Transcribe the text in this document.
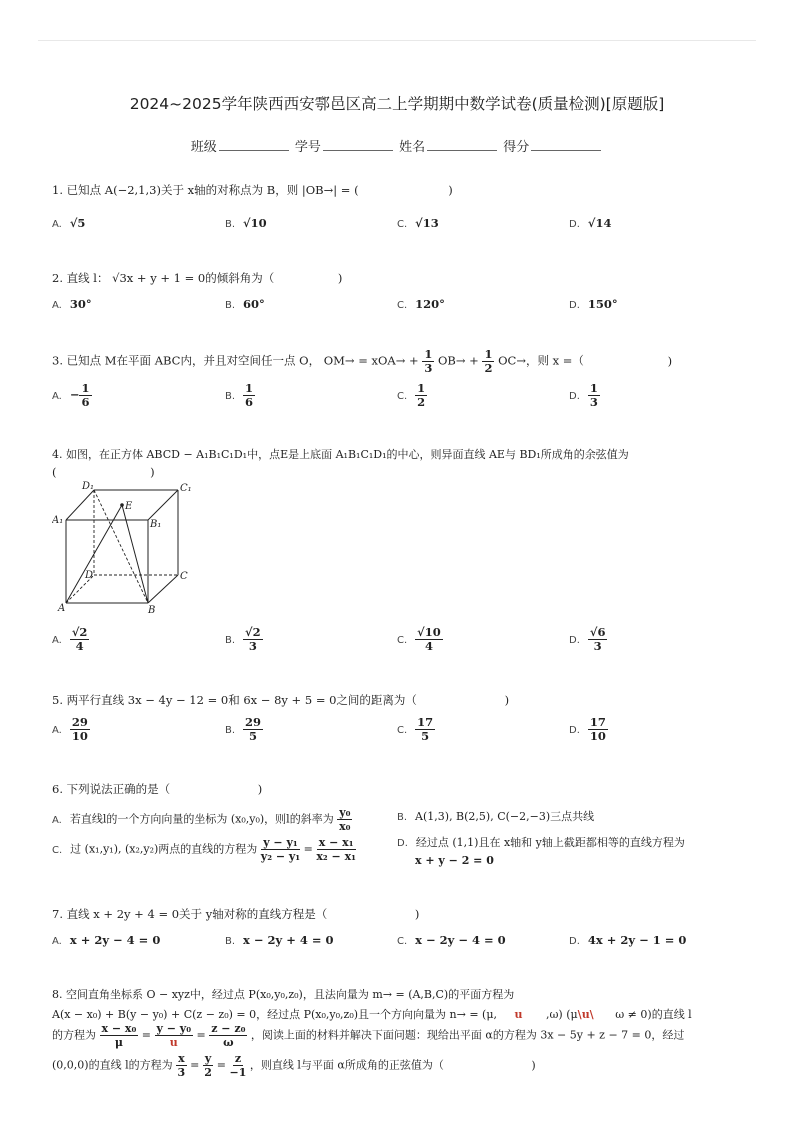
2024~2025学年陕西西安鄠邑区高二上学期期中数学试卷(质量检测)[原题版]
班级	学号	姓名	得分
1. 已知点 A(−2,1,3)关于 x轴的对称点为 B，则 |OB→| = (	)
A. √5	B. √10	C. √13	D. √14
2. 直线 l： √3x + y + 1 = 0的倾斜角为（	)
A. 30°	B. 60°	C. 120°	D. 150°
3. 已知点 M在平面 ABC内，并且对空间任一点 O， $OM\to = xOA\to + \frac{1}{3} OB\to + \frac{1}{2} OC\to$，则 x =（	)
A. − $\frac{1}{6}$	B. $\frac{1}{6}$	C. $\frac{1}{2}$	D. $\frac{1}{3}$
4. 如图，在正方体 ABCD − A₁B₁C₁D₁中，点E是上底面 A₁B₁C₁D₁的中心，则异面直线 AE与 BD₁所成角的余弦值为
(	)
D₁	C₁
A₁	B₁
E
D	C
A	B
A. $\frac{√2}{4}$	B. $\frac{√2}{3}$	C. $\frac{√10}{4}$	D. $\frac{√6}{3}$
5. 两平行直线 3x − 4y − 12 = 0和 6x − 8y + 5 = 0之间的距离为（	)
A. $\frac{29}{10}$	B. $\frac{29}{5}$	C. $\frac{17}{5}$	D. $\frac{17}{10}$
6. 下列说法正确的是（	)
A. 若直线l的一个方向向量的坐标为 (x₀,y₀)，则l的斜率为 $\frac{\text{y₀}}{\text{x₀}}$	B. A(1,3), B(2,5), C(−2,−3)三点共线
C. 过 (x₁,y₁), (x₂,y₂)两点的直线的方程为 $\frac{\text{y − y₁}}{\text{y₂ − y₁}} = \frac{\text{x − x₁}}{\text{x₂ − x₁}}$	D. 经过点 (1,1)且在 x轴和 y轴上截距都相等的直线方程为
x + y − 2 = 0
7. 直线 x + 2y + 4 = 0关于 y轴对称的直线方程是（	)
A. x + 2y − 4 = 0	B. x − 2y + 4 = 0	C. x − 2y − 4 = 0	D. 4x + 2y − 1 = 0
8. 空间直角坐标系 O − xyz中，经过点 P(x₀,y₀,z₀)，且法向量为 m→ = (A,B,C)的平面方程为
A(x − x₀) + B(y − y₀) + C(z − z₀) = 0，经过点 P(x₀,y₀,z₀)且一个方向向量为 n→ = (μ, u ,ω) (μ\u\ ω ≠ 0)的直线 l
的方程为 $\frac{\text{x − x₀}}{\mu} = \frac{\text{y − y₀}}{u} = \frac{\text{z − z₀}}{\omega}$ ，阅读上面的材料并解决下面问题：现给出平面 α的方程为 3x − 5y + z − 7 = 0，经过
(0,0,0)的直线 l的方程为 $\frac{x}{3} = \frac{y}{2} = \frac{z}{-1}$ ，则直线 l与平面 α所成角的正弦值为（	)
